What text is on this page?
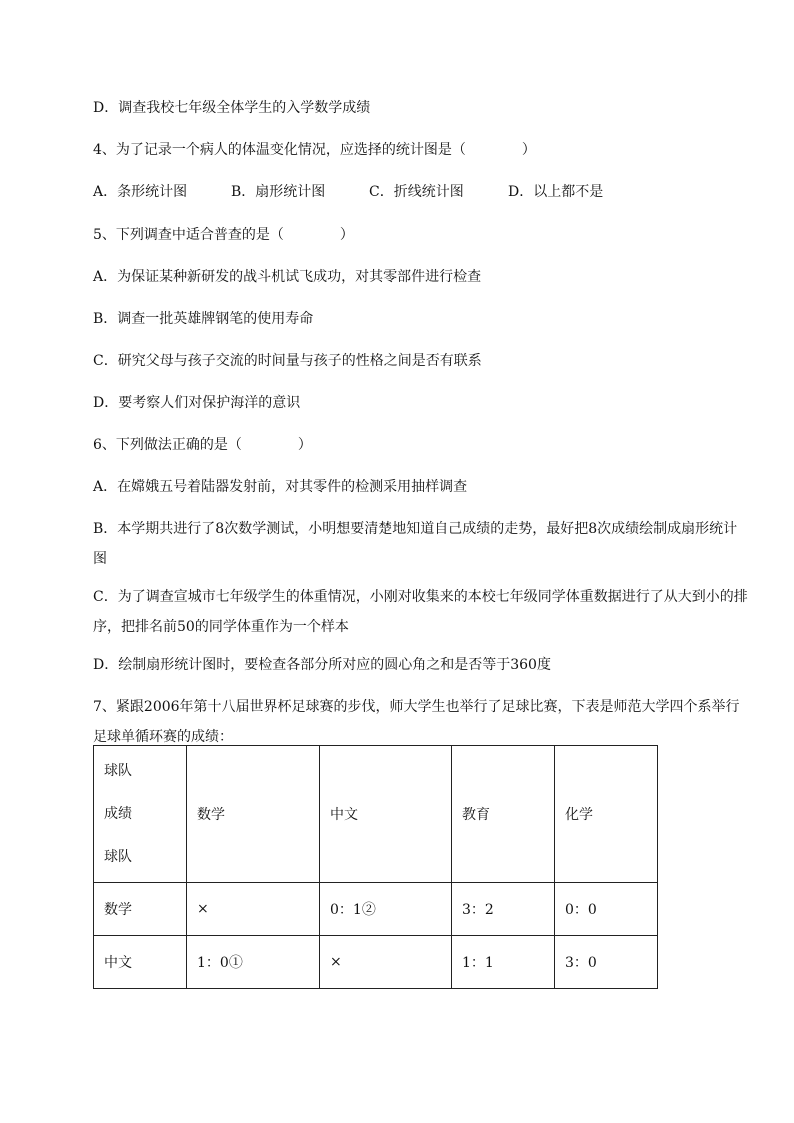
D．调查我校七年级全体学生的入学数学成绩
4、为了记录一个病人的体温变化情况，应选择的统计图是（　　　　）
A．条形统计图	B．扇形统计图	C．折线统计图	D．以上都不是
5、下列调查中适合普查的是（　　　　）
A．为保证某种新研发的战斗机试飞成功，对其零部件进行检查
B．调查一批英雄牌钢笔的使用寿命
C．研究父母与孩子交流的时间量与孩子的性格之间是否有联系
D．要考察人们对保护海洋的意识
6、下列做法正确的是（　　　　）
A．在嫦娥五号着陆器发射前，对其零件的检测采用抽样调查
B．本学期共进行了8次数学测试，小明想要清楚地知道自己成绩的走势，最好把8次成绩绘制成扇形统计图
C．为了调查宣城市七年级学生的体重情况，小刚对收集来的本校七年级同学体重数据进行了从大到小的排序，把排名前50的同学体重作为一个样本
D．绘制扇形统计图时，要检查各部分所对应的圆心角之和是否等于360度
7、紧跟2006年第十八届世界杯足球赛的步伐，师大学生也举行了足球比赛，下表是师范大学四个系举行足球单循环赛的成绩：
球队
成绩
球队	数学	中文	教育	化学
数学	×	0：1②	3：2	0：0
中文	1：0①	×	1：1	3：0
